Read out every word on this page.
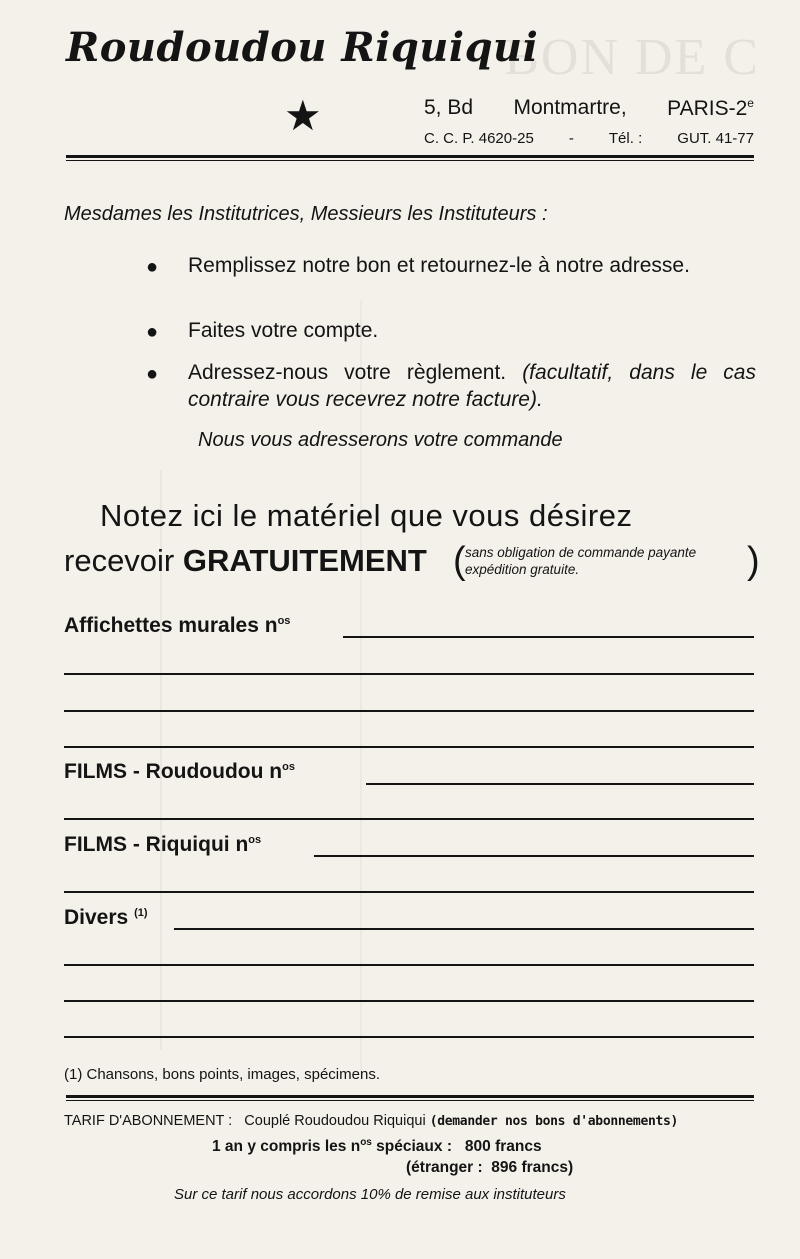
BON DE C
Roudoudou Riquiqui
★	5, Bd Montmartre, PARIS-2e
C. C. P. 4620-25 - Tél. : GUT. 41-77
Mesdames les Institutrices, Messieurs les Instituteurs :
● Remplissez notre bon et retournez-le à notre adresse.
● Faites votre compte.
● Adressez-nous votre règlement. (facultatif, dans le cas contraire vous recevrez notre facture).
Nous vous adresserons votre commande
Notez ici le matériel que vous désirez
recevoir GRATUITEMENT ( sans obligation de commande payante
expédition gratuite.	)
Affichettes murales $n^{os}$
FILMS - Roudoudou $n^{os}$
FILMS - Riquiqui $n^{os}$
Divers $^{(1)}$
(1) Chansons, bons points, images, spécimens.
TARIF D'ABONNEMENT : Couplé Roudoudou Riquiqui (demander nos bons d'abonnements)
1 an y compris les $n^{os}$ spéciaux : 800 francs
(étranger : 896 francs)
Sur ce tarif nous accordons 10% de remise aux instituteurs
